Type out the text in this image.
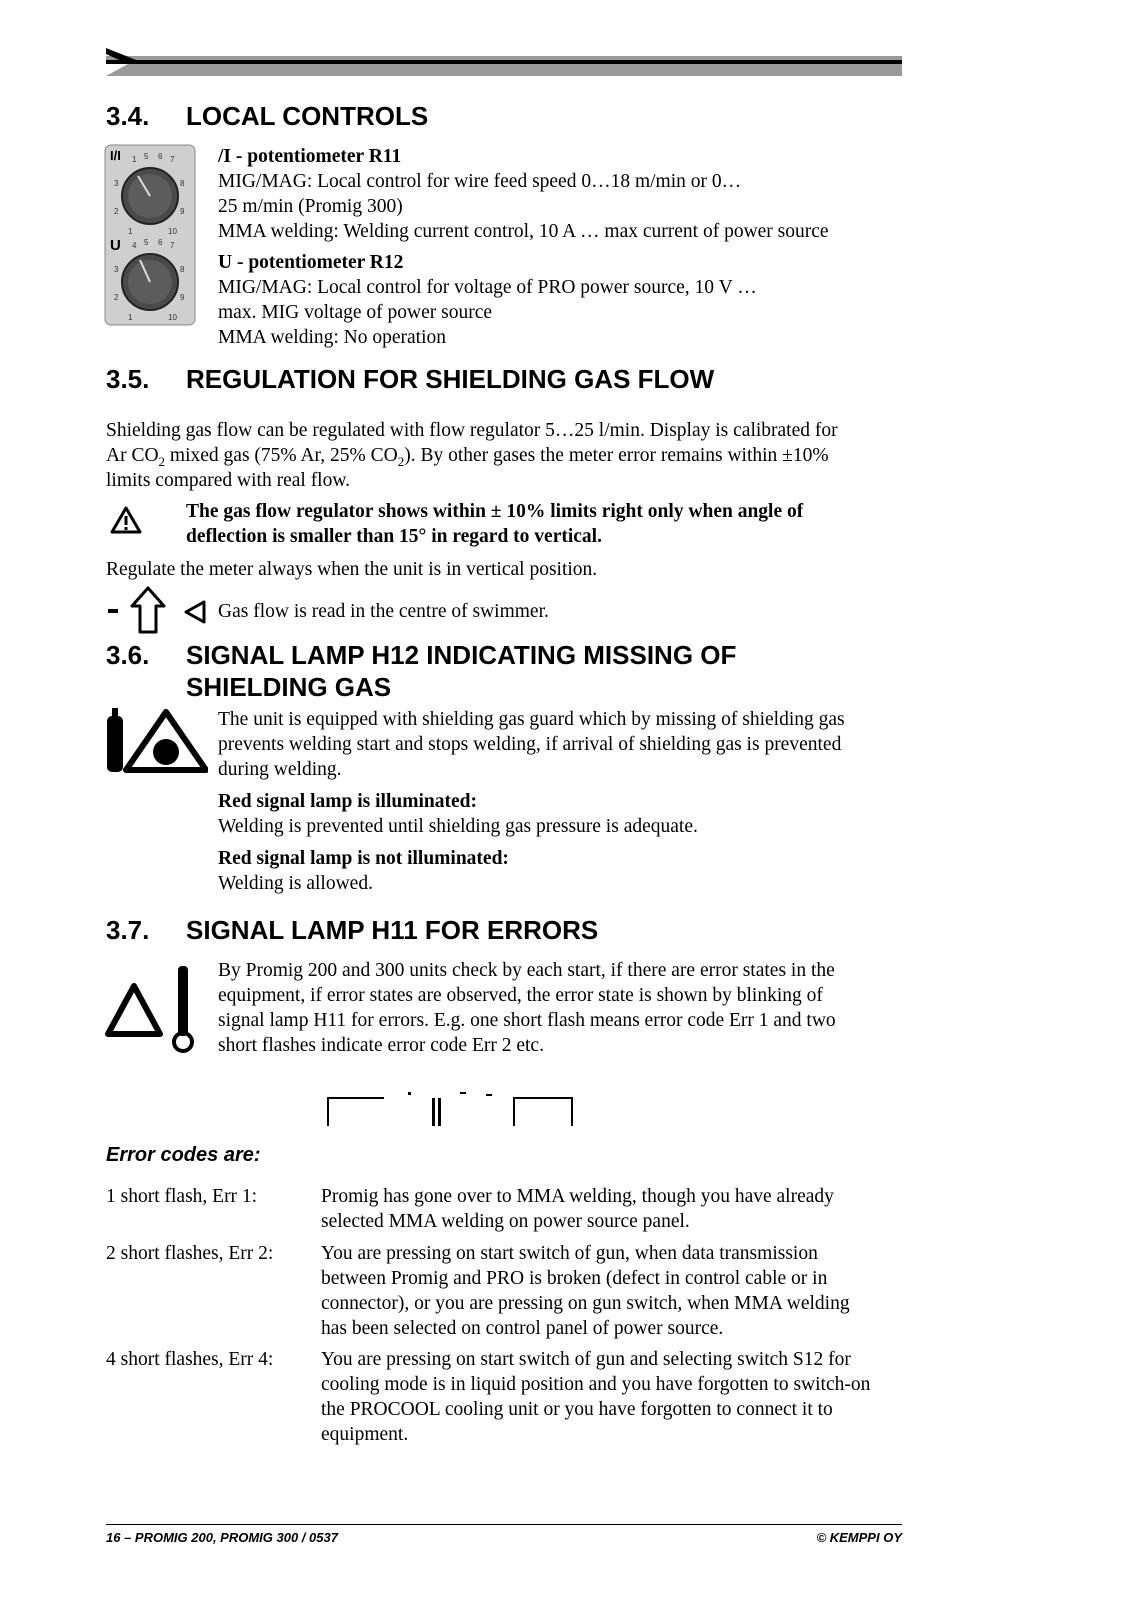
3.4. LOCAL CONTROLS
I/I
U
1 5 6 7
3	8
2	9
1	10
4 5 6 7
3	8
2	9
1	10
/I - potentiometer R11
MIG/MAG: Local control for wire feed speed 0…18 m/min or 0…
25 m/min (Promig 300)
MMA welding: Welding current control, 10 A … max current of power source
U - potentiometer R12
MIG/MAG: Local control for voltage of PRO power source, 10 V …
max. MIG voltage of power source
MMA welding: No operation
3.5. REGULATION FOR SHIELDING GAS FLOW
Shielding gas flow can be regulated with flow regulator 5…25 l/min. Display is calibrated for
Ar $CO_2$ mixed gas (75% Ar, 25% $CO_2$). By other gases the meter error remains within ±10%
limits compared with real flow.
The gas flow regulator shows within ± 10% limits right only when angle of
deflection is smaller than 15° in regard to vertical.
Regulate the meter always when the unit is in vertical position.
Gas flow is read in the centre of swimmer.
3.6. SIGNAL LAMP H12 INDICATING MISSING OF
SHIELDING GAS
The unit is equipped with shielding gas guard which by missing of shielding gas
prevents welding start and stops welding, if arrival of shielding gas is prevented
during welding.
Red signal lamp is illuminated:
Welding is prevented until shielding gas pressure is adequate.
Red signal lamp is not illuminated:
Welding is allowed.
3.7. SIGNAL LAMP H11 FOR ERRORS
By Promig 200 and 300 units check by each start, if there are error states in the
equipment, if error states are observed, the error state is shown by blinking of
signal lamp H11 for errors. E.g. one short flash means error code Err 1 and two
short flashes indicate error code Err 2 etc.
Error codes are:
1 short flash, Err 1:	Promig has gone over to MMA welding, though you have already
selected MMA welding on power source panel.
2 short flashes, Err 2: You are pressing on start switch of gun, when data transmission
between Promig and PRO is broken (defect in control cable or in
connector), or you are pressing on gun switch, when MMA welding
has been selected on control panel of power source.
4 short flashes, Err 4: You are pressing on start switch of gun and selecting switch S12 for
cooling mode is in liquid position and you have forgotten to switch-on
the PROCOOL cooling unit or you have forgotten to connect it to
equipment.
16 – PROMIG 200, PROMIG 300 / 0537	© KEMPPI OY
